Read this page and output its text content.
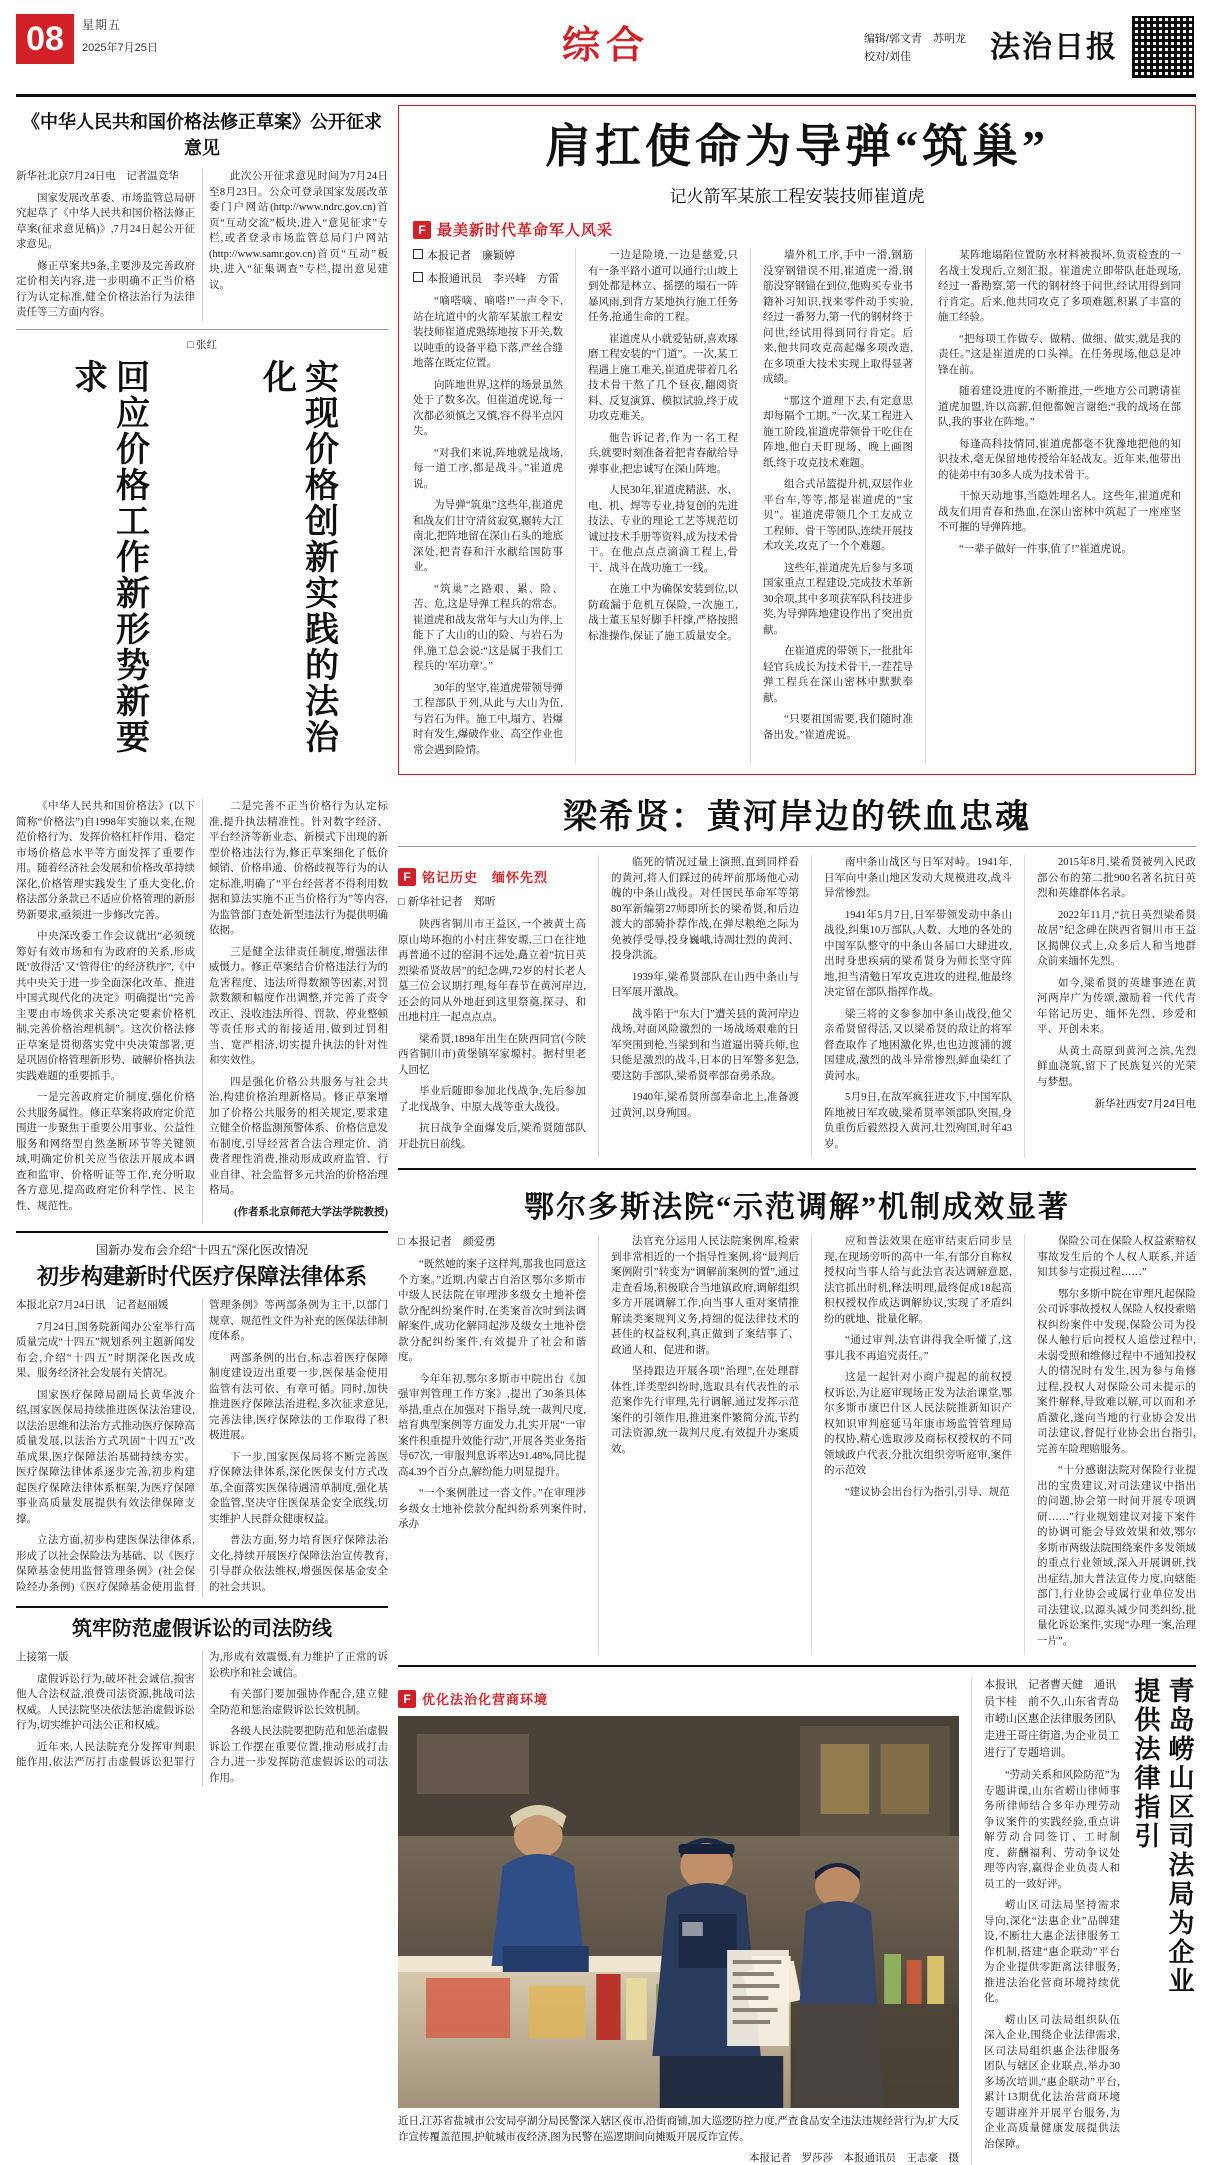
08	星期五
2025年7月25日	综合	编辑/郭文青　苏明龙
校对/刘佳	法治日报
《中华人民共和国价格法修正草案》公开征求意见

新华社北京7月24日电　记者温竞华

国家发展改革委、市场监管总局研究起草了《中华人民共和国价格法修正草案(征求意见稿)》,7月24日起公开征求意见。

修正草案共9条,主要涉及完善政府定价相关内容,进一步明确不正当价格行为认定标准,健全价格法治行为法律责任等三方面内容。

此次公开征求意见时间为7月24日至8月23日。公众可登录国家发展改革委门户网站(http://www.ndrc.gov.cn)首页“互动交流”板块,进入“意见征求”专栏,或者登录市场监管总局门户网站(http://www.samr.gov.cn)首页“互动”板块,进入“征集调查”专栏,提出意见建议。

□ 张红

回应价格工作新形势新要求	实现价格创新实践的法治化

《中华人民共和国价格法》(以下简称“价格法”)自1998年实施以来,在规范价格行为、发挥价格杠杆作用、稳定市场价格总水平等方面发挥了重要作用。随着经济社会发展和价格改革持续深化,价格管理实践发生了重大变化,价格法部分条款已不适应价格管理的新形势新要求,亟须进一步修改完善。

中央深改委工作会议就出“必须统筹好有效市场和有为政府的关系,形成既‘放得活’又‘管得住’的经济秩序”,《中共中央关于进一步全面深化改革、推进中国式现代化的决定》明确提出“完善主要由市场供求关系决定要素价格机制,完善价格治理机制”。这次价格法修正草案是贯彻落实党中央决策部署,更是巩固价格管理新形势、破解价格执法实践难题的重要抓手。

一是完善政府定价制度,强化价格公共服务属性。修正草案将政府定价范围进一步聚焦于重要公用事业、公益性服务和网络型自然垄断环节等关键领域,明确定价机关应当依法开展成本调查和监审、价格听证等工作,充分听取各方意见,提高政府定价科学性、民主性、规范性。

二是完善不正当价格行为认定标准,提升执法精准性。针对数字经济、平台经济等新业态、新模式下出现的新型价格违法行为,修正草案细化了低价倾销、价格串通、价格歧视等行为的认定标准,明确了“平台经营者不得利用数据和算法实施不正当价格行为”等内容,为监管部门查处新型违法行为提供明确依据。

三是健全法律责任制度,增强法律威慑力。修正草案结合价格违法行为的危害程度、违法所得数额等因素,对罚款数额和幅度作出调整,并完善了责令改正、没收违法所得、罚款、停业整顿等责任形式的衔接适用,做到过罚相当、宽严相济,切实提升执法的针对性和实效性。

四是强化价格公共服务与社会共治,构建价格治理新格局。修正草案增加了价格公共服务的相关规定,要求建立健全价格监测预警体系、价格信息发布制度,引导经营者合法合理定价、消费者理性消费,推动形成政府监管、行业自律、社会监督多元共治的价格治理格局。

(作者系北京师范大学法学院教授)

国新办发布会介绍“十四五”深化医改情况
初步构建新时代医疗保障法律体系

本报北京7月24日讯　记者赵丽媛

7月24日,国务院新闻办公室举行高质量完成“十四五”规划系列主题新闻发布会,介绍“十四五”时期深化医改成果、服务经济社会发展有关情况。

国家医疗保障局副局长黄华波介绍,国家医保局持续推进医保法治建设,以法治思维和法治方式推动医疗保障高质量发展,以法治方式巩固“十四五”改革成果,医疗保障法治基础持续夯实。医疗保障法律体系逐步完善,初步构建起医疗保障法律体系框架,为医疗保障事业高质量发展提供有效法律保障支撑。

立法方面,初步构建医保法律体系,形成了以社会保险法为基础、以《医疗保障基金使用监督管理条例》(社会保险经办条例)《医疗保障基金使用监督管理条例》等两部条例为主干,以部门规章、规范性文件为补充的医保法律制度体系。

两部条例的出台,标志着医疗保障制度建设迈出重要一步,医保基金使用监管有法可依、有章可循。同时,加快推进医疗保障法治进程,多次征求意见,完善法律,医疗保障法的工作取得了积极进展。

下一步,国家医保局将不断完善医疗保障法律体系,深化医保支付方式改革,全面落实医保待遇清单制度,强化基金监管,坚决守住医保基金安全底线,切实维护人民群众健康权益。

普法方面,努力培育医疗保障法治文化,持续开展医疗保障法治宣传教育,引导群众依法维权,增强医保基金安全的社会共识。

筑牢防范虚假诉讼的司法防线

上接第一版

虚假诉讼行为,破坏社会诚信,损害他人合法权益,浪费司法资源,挑战司法权威。人民法院坚决依法惩治虚假诉讼行为,切实维护司法公正和权威。

近年来,人民法院充分发挥审判职能作用,依法严厉打击虚假诉讼犯罪行为,形成有效震慑,有力维护了正常的诉讼秩序和社会诚信。

有关部门要加强协作配合,建立健全防范和惩治虚假诉讼长效机制。

各级人民法院要把防范和惩治虚假诉讼工作摆在重要位置,推动形成打击合力,进一步发挥防范虚假诉讼的司法作用。

肩扛使命为导弹“筑巢”
记火箭军某旅工程安装技师崔道虎
F 最美新时代革命军人风采
本报记者　廉颖婷
本报通讯员　李兴峰　方雷

“嘀嗒嘀、嘀嗒!”一声令下,站在坑道中的火箭军某旅工程安装技师崔道虎熟练地按下开关,数以吨重的设备平稳下落,严丝合缝地落在既定位置。

向阵地世界,这样的场景虽然处于了数多次。但崔道虎说,每一次都必须慎之又慎,容不得半点闪失。

“对我们来说,阵地就是战场,每一道工序,都是战斗。”崔道虎说。

为导弹“筑巢”这些年,崔道虎和战友们甘守清贫寂寞,辗转大江南北,把阵地留在深山石头的地底深处,把青春和汗水献给国防事业。

“筑巢”之路艰、累、险、苦、危,这是导弹工程兵的常态。崔道虎和战友常年与大山为伴,上能下了大山的山的险、与岩石为伴,施工总会说:“这是属于我们工程兵的‘军功章’。”

30年的坚守,崔道虎带领导弹工程部队于列,从此与大山为伍,与岩石为伴。施工中,塌方、岩爆时有发生,爆破作业、高空作业也常会遇到险情。

一边是险境,一边是慈爱,只有一条平路小道可以通行;山坡上到处都是林立、摇摆的塌石一阵暴风雨,到背方某地执行施工任务任务,抢通生命的工程。

崔道虎从小就爱钻研,喜欢琢磨工程安装的“门道”。一次,某工程遇上施工难关,崔道虎带着几名技术骨干熬了几个昼夜,翻阅资料、反复演算、模拟试验,终于成功攻克难关。

他告诉记者,作为一名工程兵,就要时刻准备着把青春献给导弹事业,把忠诚写在深山阵地。

人民30年,崔道虎精湛、水、电、机、焊等专业,持复创的先进技法、专业的理论工艺等规范切诚过技术手册等资料,成为技术骨干。在他点点点滴滴工程上,骨干、战斗在战功施工一线。

在施工中为确保安装到位,以防疏漏于危机互保险,一次施工,战士董玉星好脚手杆撑,严格按照标准操作,保证了施工质量安全。

墙外机工序,手中一滑,钢筋没穿钢错误不用,崔道虎一滑,钢筋没穿钢锚在到位,他购买专业书籍补习知识,找来零件动手实验,经过一番努力,第一代的钢材终于问世,经试用得到同行肯定。后来,他共同攻克高起爆多项改造,在多项重大技术实现上取得显著成绩。

“那这个道理下去,有定意思却每隔个工期。”一次,某工程进入施工阶段,崔道虎带领骨干吃住在阵地,他白天盯现场、晚上画图纸,终于攻克技术难题。

组合式吊篮提升机,双层作业平台车,等等,都是崔道虎的“宝贝”。崔道虎带领几个工友成立工程师、骨干等团队,连续开展技术攻关,攻克了一个个难题。

这些年,崔道虎先后参与多项国家重点工程建设,完成技术革新30余项,其中多项获军队科技进步奖,为导弹阵地建设作出了突出贡献。

在崔道虎的带领下,一批批年轻官兵成长为技术骨干,一茬茬导弹工程兵在深山密林中默默奉献。

“只要祖国需要,我们随时准备出发。”崔道虎说。

某阵地塌陷位置防水材料被损坏,负责检查的一名战士发现后,立刻汇报。崔道虎立即带队赶赴现场,经过一番勘察,第一代的钢材终于问世,经试用得到同行肯定。后来,他共同攻克了多项难题,积累了丰富的施工经验。

“把每项工作做专、做精、做细、做实,就是我的责任。”这是崔道虎的口头禅。在任务现场,他总是冲锋在前。

随着建设进度的不断推进,一些地方公司聘请崔道虎加盟,许以高薪,但他都婉言谢绝:“我的战场在部队,我的事业在阵地。”

每逢高科技情同,崔道虎都毫不犹豫地把他的知识技术,毫无保留地传授给年轻战友。近年来,他带出的徒弟中有30多人成为技术骨干。

干惊天动地事,当隐姓埋名人。这些年,崔道虎和战友们用青春和热血,在深山密林中筑起了一座座坚不可摧的导弹阵地。

“一辈子做好一件事,值了!”崔道虎说。

梁希贤：黄河岸边的铁血忠魂
F 铭记历史　缅怀先烈
□ 新华社记者　郑昕

陕西省铜川市王益区,一个被黄土高原山坳环抱的小村庄葬安塬,三口在往地再普通不过的窑洞不远处,矗立着“抗日英烈梁希贤故居”的纪念碑,72岁的村长老人墓三位会议期打理,每年春节在黄河岸边,还会的同从外地赶到这里祭奠,探寻、和出地村庄一起点点点。

梁希贤,1898年出生在陕西同官(今陕西省铜川市)黄堡镇军家塬村。据村里老人回忆

毕业后随即参加北伐战争,先后参加了北伐战争、中原大战等重大战役。

抗日战争全面爆发后,梁希贤随部队开赴抗日前线。

临死的情况过量上演照,直到同样看的黄河,将人们踩过的砖坪前那场他心动魄的中条山战役。对任国民革命军等第80军新编第27师即所长的梁希贤,和后边渡大的部骑扑荐作战,在弹尽粮绝之际为免被俘受辱,投身巍峨,诗凋壮烈的黄河、投身洪流。

1939年,梁希贤部队在山西中条山与日军展开激战。

战斗陷于“东大门”遭关县的黄河岸边战场,对面风险激烈的一场战场艰难的日军突围到枪,当梁到和当道逼出骑兵师,也只能是激烈的战斗,日本的日军警多犯急,要这防手部队,梁希贤率部奋勇杀敌。

1940年,梁希贤所部奉命北上,准备渡过黄河,以身殉国。

南中条山战区与日军对峙。1941年,日军向中条山地区发动大规模进攻,战斗异常惨烈。

1941年5月7日,日军带领发动中条山战役,纠集10万部队,人数、大地的各处的中国军队整守的中条山各届口大肆进攻,出时身患疾病的梁希贤身为师长坚守阵地,担当清勉日军攻克进攻的进程,他最终决定留在部队指挥作战。

梁三将的文参参加中条山战役,他父亲希贤留得活,又以梁希贤的敌让的将军督查取作了地困激化界,也也边渡涌的渡国建成,激烈的战斗异常惨烈,鲜血染红了黄河水。

5月9日,在敌军疯狂进攻下,中国军队阵地被日军攻破,梁希贤率领部队突围,身负重伤后毅然投入黄河,壮烈殉国,时年43岁。

2015年8月,梁希贤被列入民政部公布的第二批900名著名抗日英烈和英雄群体名录。

2022年11月,“抗日英烈梁希贤故居”纪念碑在陕西省铜川市王益区揭牌仪式上,众多后人和当地群众前来缅怀先烈。

如今,梁希贤的英雄事迹在黄河两岸广为传颂,激励着一代代青年铭记历史、缅怀先烈、珍爱和平、开创未来。

从黄土高原到黄河之滨,先烈鲜血浇筑,留下了民族复兴的光荣与梦想。

新华社西安7月24日电

鄂尔多斯法院“示范调解”机制成效显著
□ 本报记者　颜爱勇

“既然她的案子这样判,那我也同意这个方案。”近期,内蒙古自治区鄂尔多斯市中级人民法院在审理涉多级女土地补偿款分配纠纷案件时,在类案首次时到法调解案件,成功化解同起涉及级女土地补偿款分配纠纷案件,有效提升了社会和谐度。

今年年初,鄂尔多斯市中院出台《加强审判管理工作方案》,提出了30条具体举措,重点在加强对下指导,统一裁判尺度,培育典型案例等方面发力,扎实开展“一审案件积重提升效能行动”,开展各类业务指导67次,一审服判息诉率达91.48%,同比提高4.39个百分点,解纷能力明显提升。

“一个案例胜过一沓文件。”在审理涉乡级女土地补偿款分配纠纷系列案件时,承办

法官充分运用人民法院案例库,检索到非常相近的一个指导性案例,将“最判后案例附引”转变为“调解前案例的置”,通过走查看场,积极联合当地镇政府,调解组织多方开展调解工作,向当事人重对案情推解读类案规判义务,持细的促法律技术的甚佳的权益权利,真正做到了案结事了、政通人和、促进和谐。

坚持跟边开展各项“治理”,在处理群体性,详类型纠纷时,选取具有代表性的示范案作先行审理,先行调解,通过发挥示范案件的引领作用,推进案件繁简分流,节约司法资源,统一裁判尺度,有效提升办案质效。

应和普法效果在庭审结束后同步呈现,在现场旁听的高中一年,有部分自称权授权向当事人给与此法官表达调解意愿,法官抓出时机,释法明理,最终促成18起高积权授权作成达调解协议,实现了矛盾纠纷的就地、批量化解。

“通过审判,法官讲得我全听懂了,这事儿我不再追究责任。”

这是一起针对小商户提起的前权授权诉讼,为让庭审现场正发为法治课堂,鄂尔多斯市康巴什区人民法院推新知识产权知识审判庭延马年康市场监管管理局的权协,精心选取涉及商标权授权的不同领域政户代表,分批次组织旁听庭审,案件的示范效

“建议协会出台行为指引,引导、规范

保险公司在保险人权益索赔权事故发生后的个人权人联系,并适知其参与定损过程……”

鄂尔多斯中院在审理凡起保险公司诉事故授权人保险人权投索赔权纠纷案件中发现,保险公司为投保人触行后向授权人追偿过程中,未弱受照和维修过程中不通知投权人的情况时有发生,因为参与角修过程,投权人对保险公司未提示的案件解释,导致难以解,可以而和矛盾激化,遂向当地的行业协会发出司法建议,督促行业协会出台指引,完善车险理赔服务。

“十分感谢法院对保险行业提出的宝贵建议,对司法建议中指出的问题,协会第一时间开展专项调研……”行业规划建议对接下案件的协调可能会导致效果和效,鄂尔多斯市两级法院围绕案件多发领域的重点行业领域,深入开展调研,找出症结,加大普法宣传力度,向辖能部门,行业协会或属行业单位发出司法建议,以源头减少同类纠纷,批量化诉讼案件,实现“办理一案,治理一片”。

F 优化法治化营商环境
近日,江苏省盐城市公安局亭湖分局民警深入辖区夜市,沿街商铺,加大巡逻防控力度,严查食品安全违法违规经营行为,扩大反诈宣传覆盖范围,护航城市夜经济,图为民警在巡逻期间向摊贩开展反诈宣传。
本报记者　罗莎莎　本报通讯员　王志豪　摄
本报讯　记者曹天健　通讯员卞桂　前不久,山东省青岛市崂山区惠企法律服务团队走进王哥庄街道,为企业员工进行了专题培训。

“劳动关系和风险防范”为专题讲课,山东省崂山律师事务所律师结合多年办理劳动争议案件的实践经验,重点讲解劳动合同签订、工时制度、薪酬福利、劳动争议处理等内容,赢得企业负责人和员工的一致好评。

崂山区司法局坚持需求导向,深化“法惠企业”品牌建设,不断壮大惠企法律服务工作机制,搭建“惠企联动”平台为企业提供零距离法律服务,推进法治化营商环境持续优化。

崂山区司法局组织队伍深入企业,围绕企业法律需求,区司法局组织惠企法律服务团队与辖区企业联点,举办30多场次培训,“惠企联动”平台,累计13期优化法治营商环境专题讲座并开展平台服务,为企业高质量健康发展提供法治保障。

青岛崂山区司法局为企业提供法律指引
